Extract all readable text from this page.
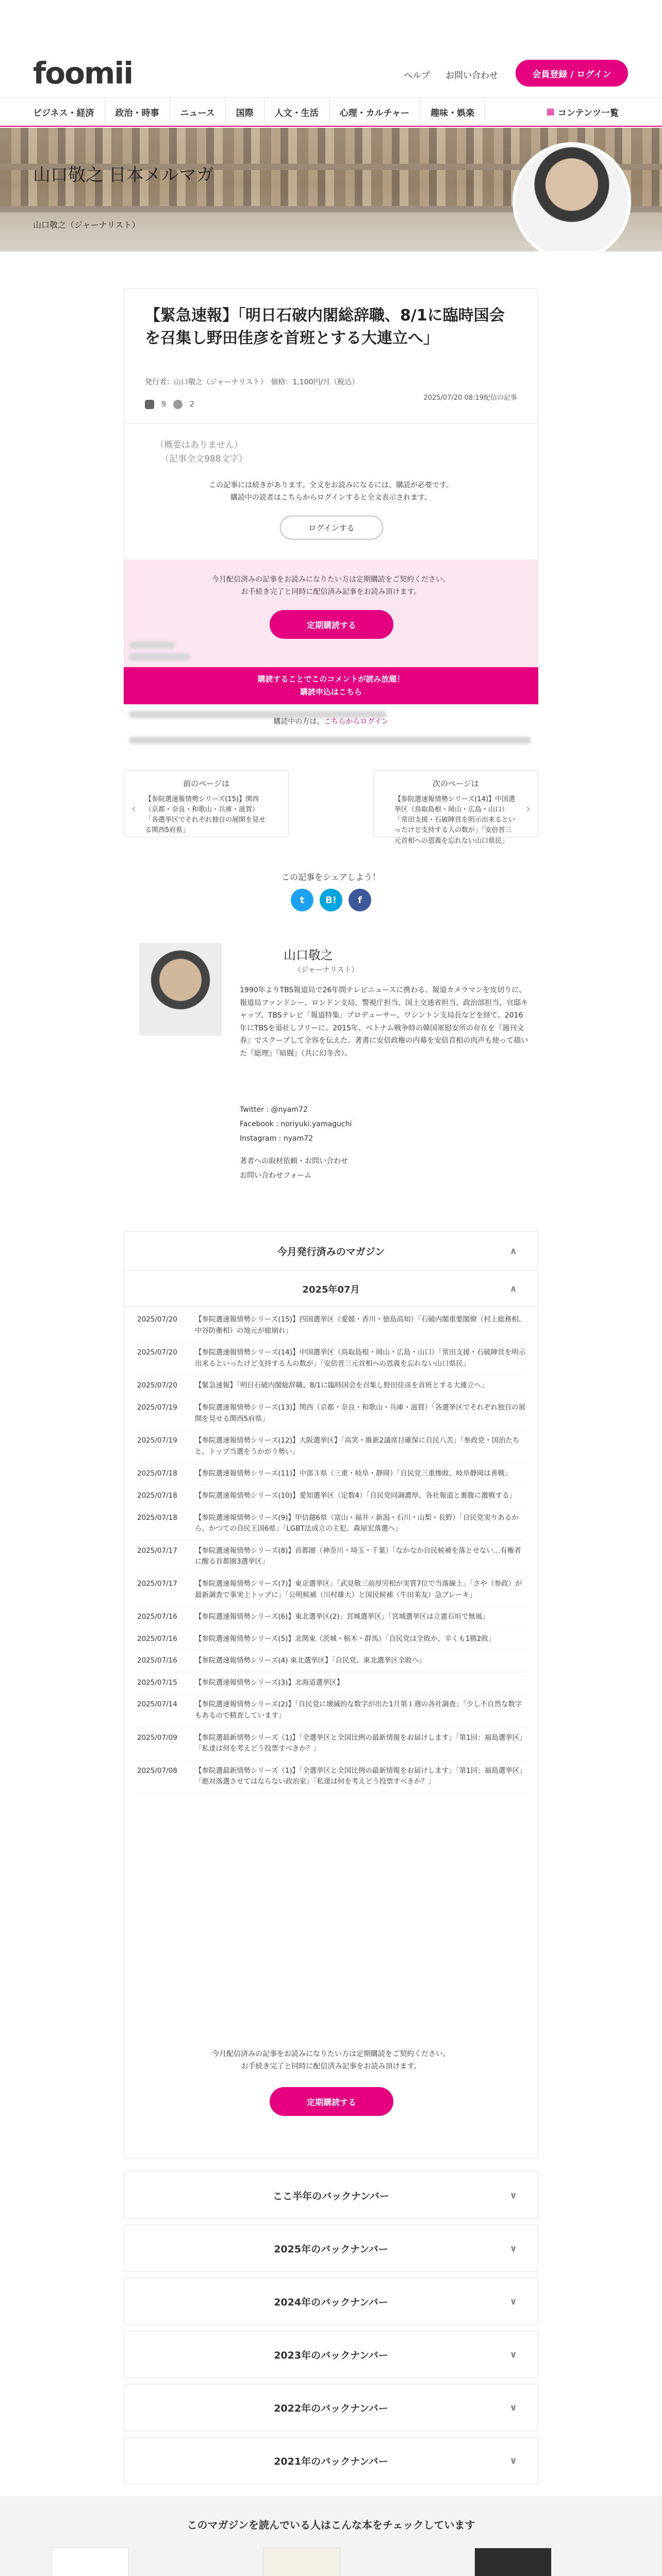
foomii	ヘルプ お問い合わせ	会員登録 / ログイン
ビジネス・経済	政治・時事	ニュース	国際	人文・生活	心理・カルチャー	趣味・娯楽	▦ コンテンツ一覧
山口敬之 日本メルマガ
山口敬之（ジャーナリスト）
【緊急速報】「明日石破内閣総辞職、8/1に臨時国会を召集し野田佳彦を首班とする大連立へ」
発行者：山口敬之（ジャーナリスト）　価格：1,100円/月（税込）
2025/07/20 08:19配信の記事
9	2
（概要はありません）
（記事全文988文字）
この記事には続きがあります。全文をお読みになるには、購読が必要です。
購読中の読者はこちらからログインすると全文表示されます。
ログインする
今月配信済みの記事をお読みになりたい方は定期購読をご契約ください。
お手続き完了と同時に配信済み記事をお読み頂けます。
定期購読する
購読することでこのコメントが読み放題！
購読申込はこちら
購読中の方は、こちらからログイン
前のページは
‹
【参院選速報情勢シリーズ(15)】関西（京都・奈良・和歌山・兵庫・滋賀）「各選挙区でそれぞれ独自の展開を見せる関西5府県」
次のページは
›
【参院選速報情勢シリーズ(14)】中国選挙区（鳥取島根・岡山・広島・山口）「常田支援・石破陣営を明示出来るといったけど支持する人の数が」「安倍晋三元首相への恩義を忘れない山口県民」
この記事をシェアしよう！
t	B!	f
山口敬之
（ジャーナリスト）
1990年よりTBS報道局で26年間テレビニュースに携わる。報道カメラマンを皮切りに、報道局ファンドシー、ロンドン支局、警視庁担当、国土交通省担当、政治部担当、官邸キャップ、TBSテレビ「報道特集」プロデューサー、ワシントン支局長などを経て、2016年にTBSを退社しフリーに。2015年、ベトナム戦争時の韓国軍慰安所の存在を『週刊文春』でスクープして全容を伝えた。著書に安倍政権の内幕を安倍首相の肉声も使って描いた『総理』『暗闘』（共に幻冬舎）。
Twitter : @nyam72
Facebook : noriyuki.yamaguchi
Instagram : nyam72
著者への取材依頼・お問い合わせ
お問い合わせフォーム
今月発行済みのマガジン	∧
2025年07月	∧
2025/07/20	【参院選速報情勢シリーズ(15)】四国選挙区（愛媛・香川・徳島高知）「石破内閣重要閣僚（村上総務相、中谷防衛相）の地元が総崩れ」
2025/07/20	【参院選速報情勢シリーズ(14)】中国選挙区（鳥取島根・岡山・広島・山口）「常田支援・石破陣営を明示出来るといったけど支持する人の数が」「安倍晋三元首相への恩義を忘れない山口県民」
2025/07/20	【緊急速報】「明日石破内閣総辞職、8/1に臨時国会を召集し野田佳彦を首班とする大連立へ」
2025/07/19	【参院選速報情勢シリーズ(13)】関西（京都・奈良・和歌山・兵庫・滋賀）「各選挙区でそれぞれ独自の展開を見せる関西5府県」
2025/07/19	【参院選速報情勢シリーズ(12)】大阪選挙区】「高笑・維新2議席目確保に自民八苦」「参政党・国治たちと、トップ当選をうかがう勢い」
2025/07/18	【参院選速報情勢シリーズ(11)】中部３県（三重・岐阜・静岡）「自民党三重惨敗、岐阜静岡は善戦」
2025/07/18	【参院選速報情勢シリーズ(10)】愛知選挙区（定数4）「自民党同調濃厚、各社報道と裏腹に激戦する」
2025/07/18	【参院選速報情勢シリーズ(9)】甲信越6県（富山・福井・新潟・石川・山梨・長野）「自民党実りあるから、かつての自民王国6県」「LGBT法成立の主犯、森屋宏落選へ」
2025/07/17	【参院選速報情勢シリーズ(8)】首都圏（神奈川・埼玉・千葉）「なかなか自民候補を落とせない…有権者に醒る首都圏3選挙区」
2025/07/17	【参院選速報情勢シリーズ(7)】東京選挙区」「武見敬三前厚労相が実質7位で当落線上」「さや（参政）が最新調査で事実上トップに」「公明候補（川村雄大）と国民候補（牛田茉友）急ブレーキ」
2025/07/16	【参院選速報情勢シリーズ(6)】東北選挙区(2)」宮城選挙区」「宮城選挙区は立憲石垣で無風」
2025/07/16	【参院選速報情勢シリーズ(5)】北関東（茨城・栃木・群馬）「自民党は全敗か、辛くも1勝2敗」
2025/07/16	【参院選速報情勢シリーズ(4) 東北選挙区】「自民党、東北選挙区全敗へ」
2025/07/15	【参院選速報情勢シリーズ(3)】北海道選挙区】
2025/07/14	【参院選速報情勢シリーズ(2)】「自民党に壊滅的な数字が出た1月第１週の各社調査」「少し不自然な数字もあるので精査しています」
2025/07/09	【参院選最新情勢シリーズ（1)】「全選挙区と全国比例の最新情報をお届けします」「第1回：福島選挙区」「私達は何を考えどう投票すべきか？」
2025/07/08	【参院選最新情勢シリーズ（1)】「全選挙区と全国比例の最新情報をお届けします」「第1回：福島選挙区」「絶対落選させてはならない政治家」「私達は何を考えどう投票すべきか？」
今月配信済みの記事をお読みになりたい方は定期購読をご契約ください。
お手続き完了と同時に配信済み記事をお読み頂けます。
定期購読する
ここ半年のバックナンバー	∨
2025年のバックナンバー	∨
2024年のバックナンバー	∨
2023年のバックナンバー	∨
2022年のバックナンバー	∨
2021年のバックナンバー	∨
このマガジンを読んでいる人はこんな本をチェックしています
